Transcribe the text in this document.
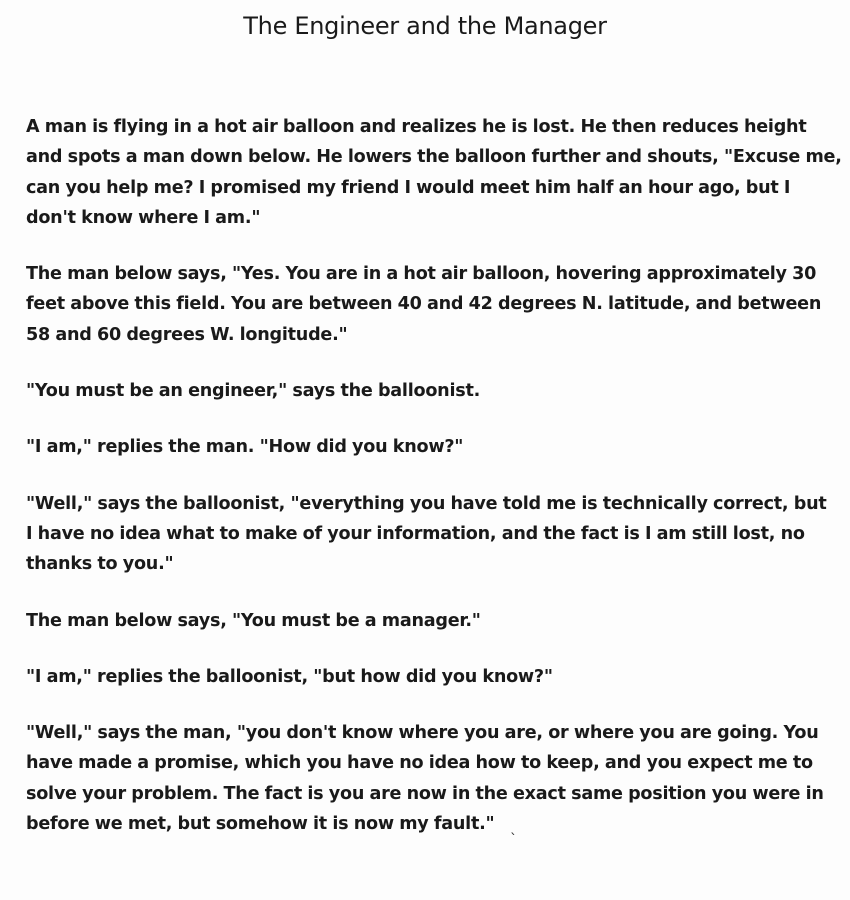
The Engineer and the Manager

A man is flying in a hot air balloon and realizes he is lost. He then reduces height
and spots a man down below. He lowers the balloon further and shouts, "Excuse me,
can you help me? I promised my friend I would meet him half an hour ago, but I
don't know where I am."

The man below says, "Yes. You are in a hot air balloon, hovering approximately 30
feet above this field. You are between 40 and 42 degrees N. latitude, and between
58 and 60 degrees W. longitude."

"You must be an engineer," says the balloonist.

"I am," replies the man. "How did you know?"

"Well," says the balloonist, "everything you have told me is technically correct, but
I have no idea what to make of your information, and the fact is I am still lost, no
thanks to you."

The man below says, "You must be a manager."

"I am," replies the balloonist, "but how did you know?"

"Well," says the man, "you don't know where you are, or where you are going. You
have made a promise, which you have no idea how to keep, and you expect me to
solve your problem. The fact is you are now in the exact same position you were in
before we met, but somehow it is now my fault."

`
